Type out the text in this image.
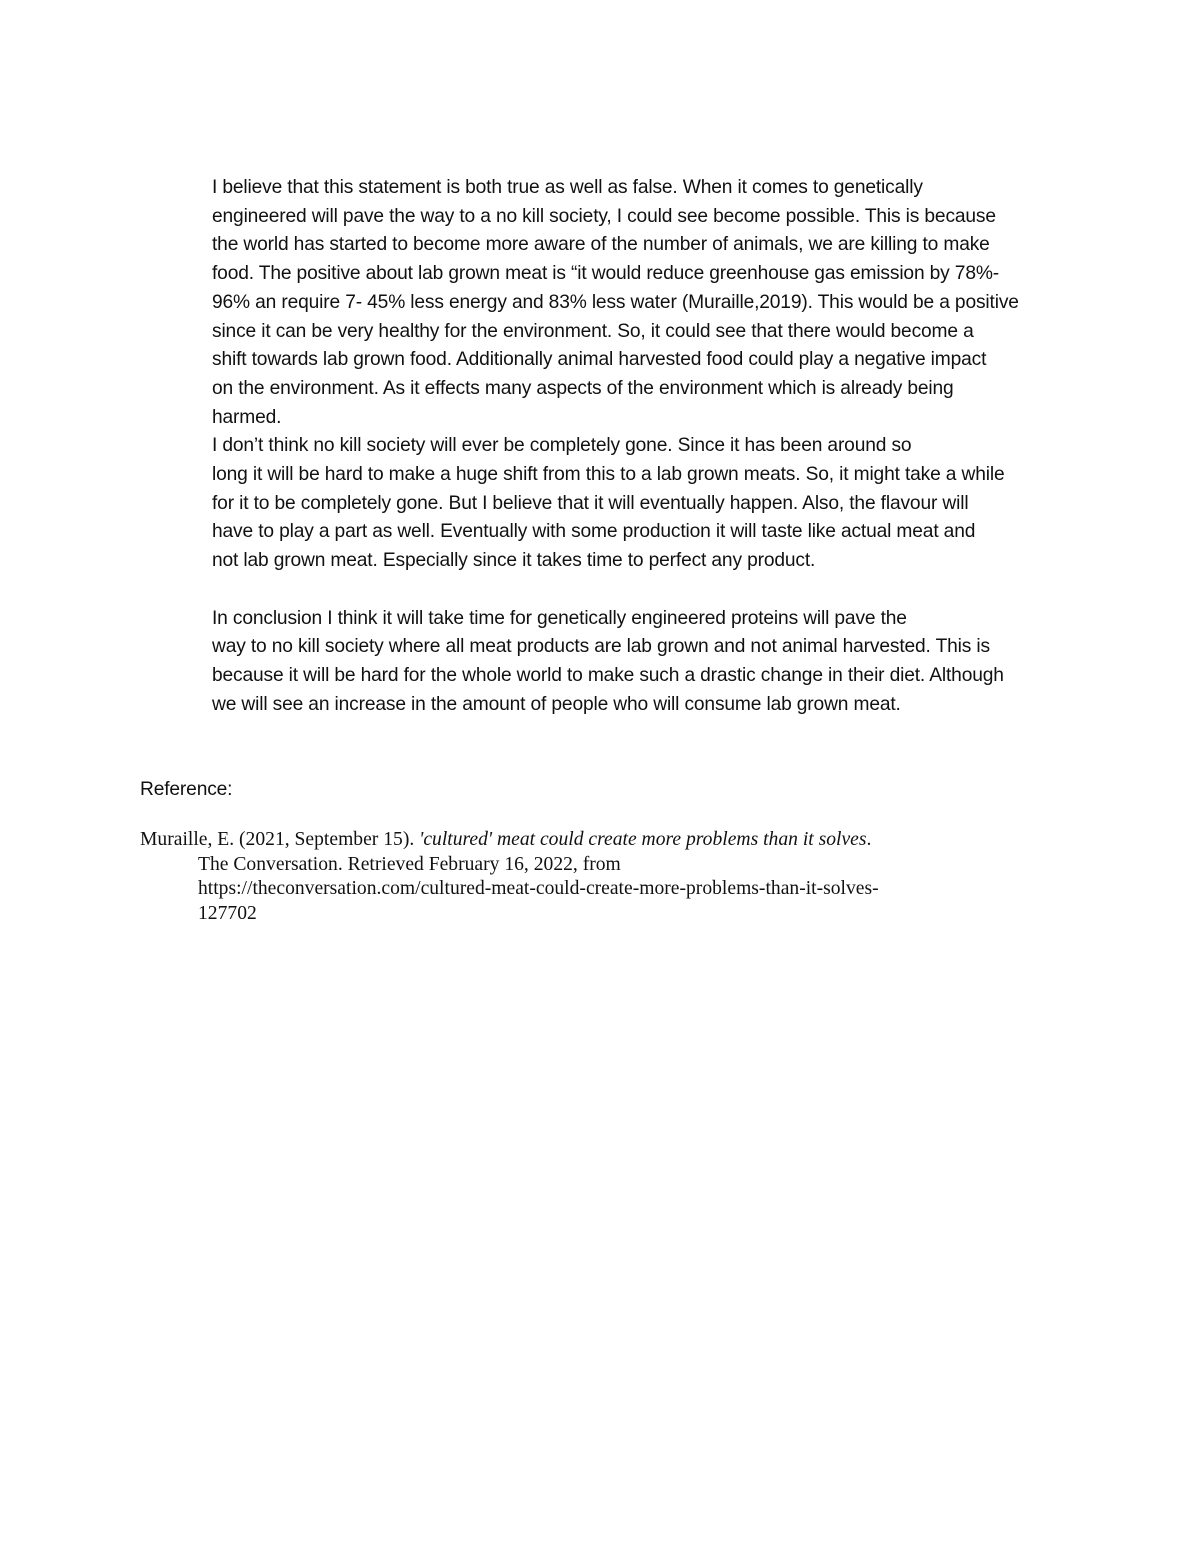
I believe that this statement is both true as well as false. When it comes to genetically
engineered will pave the way to a no kill society, I could see become possible. This is because
the world has started to become more aware of the number of animals, we are killing to make
food. The positive about lab grown meat is “it would reduce greenhouse gas emission by 78%-
96% an require 7- 45% less energy and 83% less water (Muraille,2019). This would be a positive
since it can be very healthy for the environment. So, it could see that there would become a
shift towards lab grown food. Additionally animal harvested food could play a negative impact
on the environment. As it effects many aspects of the environment which is already being
harmed.

I don’t think no kill society will ever be completely gone. Since it has been around so
long it will be hard to make a huge shift from this to a lab grown meats. So, it might take a while
for it to be completely gone. But I believe that it will eventually happen. Also, the flavour will
have to play a part as well. Eventually with some production it will taste like actual meat and
not lab grown meat. Especially since it takes time to perfect any product.

In conclusion I think it will take time for genetically engineered proteins will pave the
way to no kill society where all meat products are lab grown and not animal harvested. This is
because it will be hard for the whole world to make such a drastic change in their diet. Although
we will see an increase in the amount of people who will consume lab grown meat.

Reference:

Muraille, E. (2021, September 15). 'cultured' meat could create more problems than it solves.
The Conversation. Retrieved February 16, 2022, from
https://theconversation.com/cultured-meat-could-create-more-problems-than-it-solves-
127702
